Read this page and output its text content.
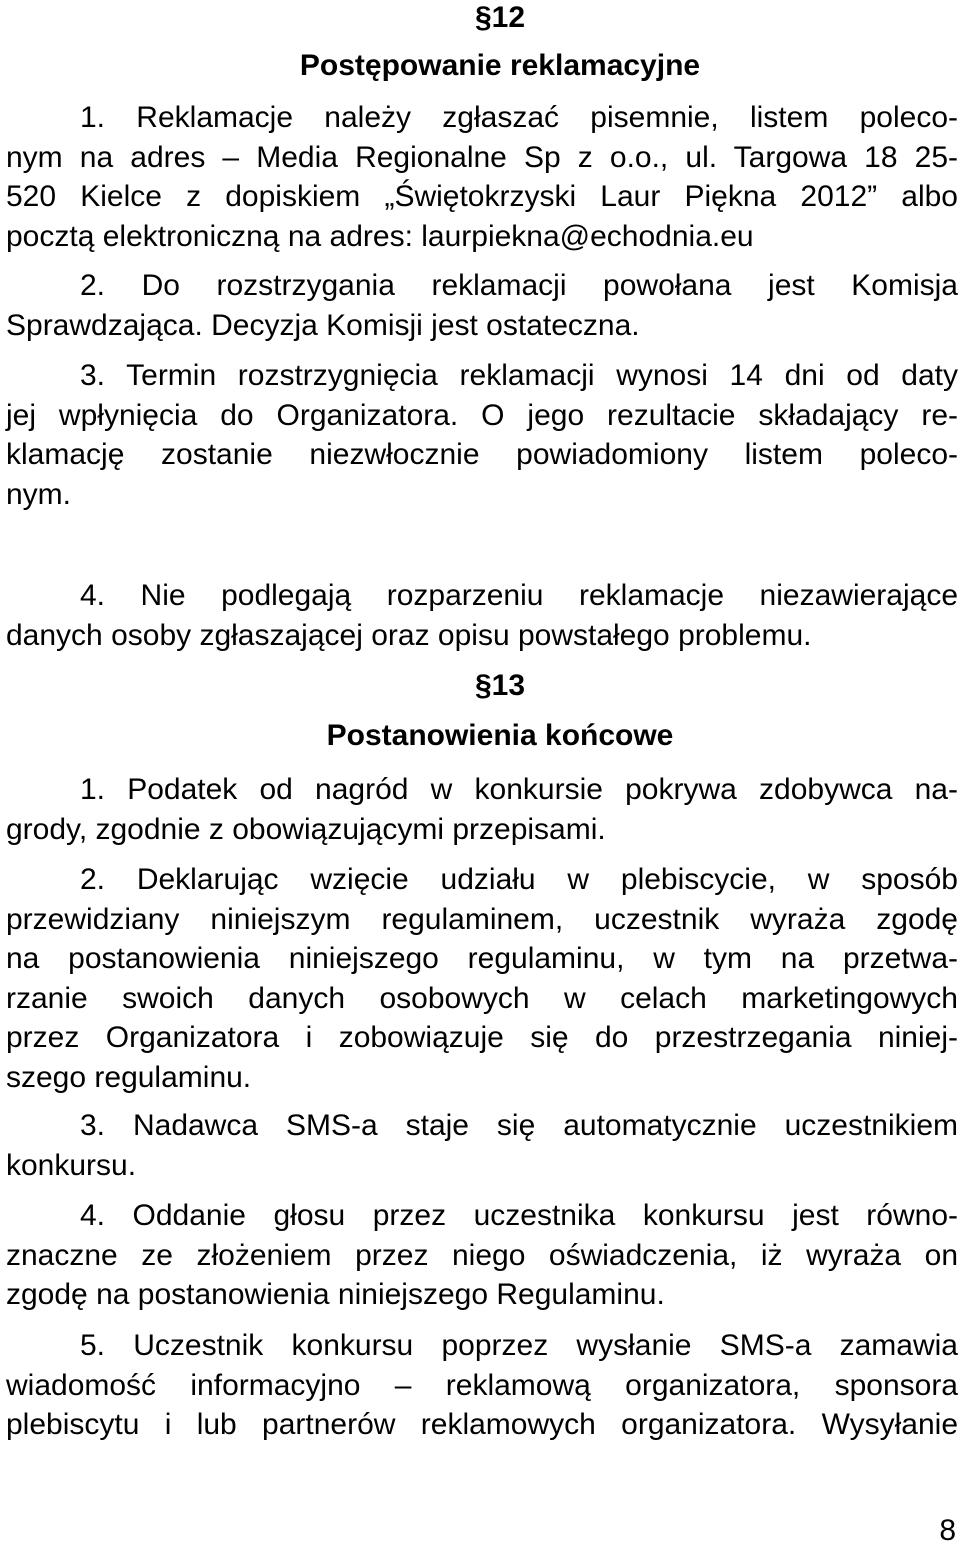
§12
Postępowanie reklamacyjne
1. Reklamacje należy zgłaszać pisemnie, listem poleco-
nym na adres – Media Regionalne Sp z o.o., ul. Targowa 18 25-
520 Kielce z dopiskiem „Świętokrzyski Laur Piękna 2012” albo
pocztą elektroniczną na adres: laurpiekna@echodnia.eu
2. Do rozstrzygania reklamacji powołana jest Komisja
Sprawdzająca. Decyzja Komisji jest ostateczna.
3. Termin rozstrzygnięcia reklamacji wynosi 14 dni od daty
jej wpłynięcia do Organizatora. O jego rezultacie składający re-
klamację zostanie niezwłocznie powiadomiony listem poleco-
nym.
4. Nie podlegają rozparzeniu reklamacje niezawierające
danych osoby zgłaszającej oraz opisu powstałego problemu.
§13
Postanowienia końcowe
1. Podatek od nagród w konkursie pokrywa zdobywca na-
grody, zgodnie z obowiązującymi przepisami.
2. Deklarując wzięcie udziału w plebiscycie, w sposób
przewidziany niniejszym regulaminem, uczestnik wyraża zgodę
na postanowienia niniejszego regulaminu, w tym na przetwa-
rzanie swoich danych osobowych w celach marketingowych
przez Organizatora i zobowiązuje się do przestrzegania niniej-
szego regulaminu.
3. Nadawca SMS-a staje się automatycznie uczestnikiem
konkursu.
4. Oddanie głosu przez uczestnika konkursu jest równo-
znaczne ze złożeniem przez niego oświadczenia, iż wyraża on
zgodę na postanowienia niniejszego Regulaminu.
5. Uczestnik konkursu poprzez wysłanie SMS-a zamawia
wiadomość informacyjno – reklamową organizatora, sponsora
plebiscytu i lub partnerów reklamowych organizatora. Wysyłanie
8
